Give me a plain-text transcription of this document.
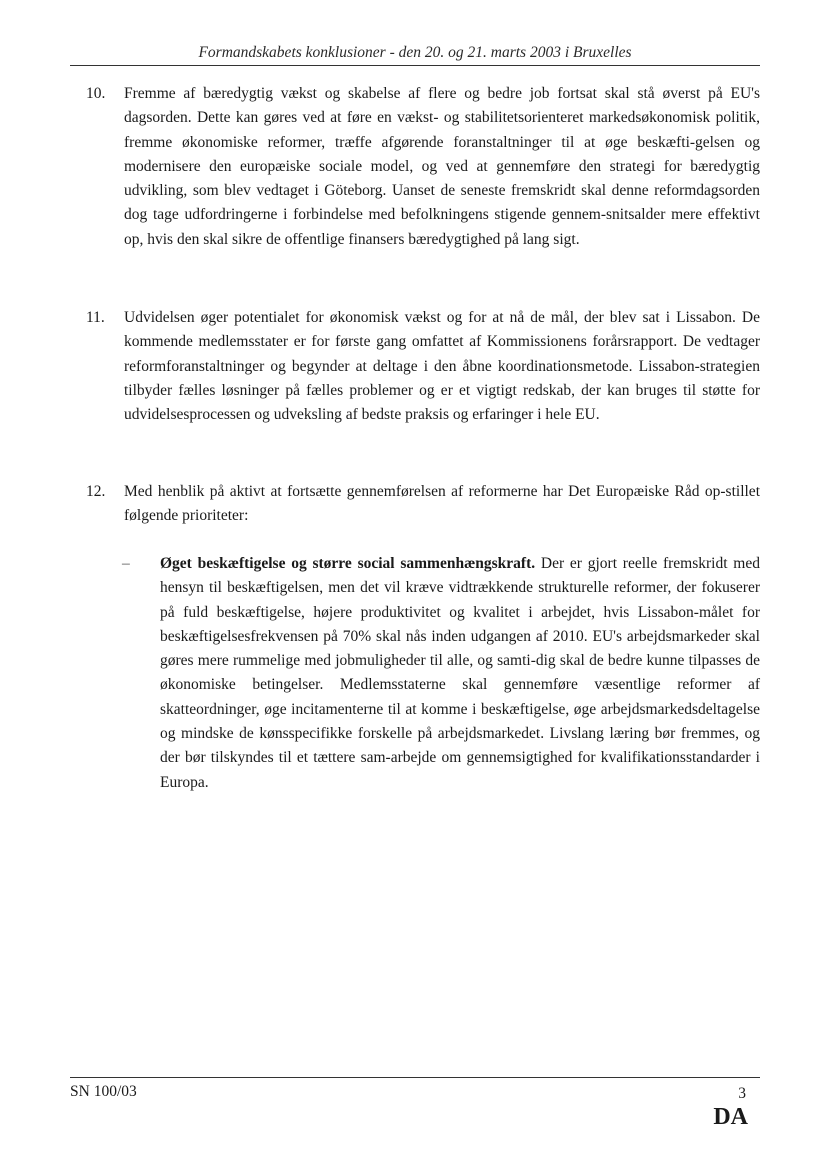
Formandskabets konklusioner - den 20. og 21. marts 2003 i Bruxelles
10. Fremme af bæredygtig vækst og skabelse af flere og bedre job fortsat skal stå øverst på EU's dagsorden. Dette kan gøres ved at føre en vækst- og stabilitetsorienteret markedsøkonomisk politik, fremme økonomiske reformer, træffe afgørende foranstaltninger til at øge beskæfti-gelsen og modernisere den europæiske sociale model, og ved at gennemføre den strategi for bæredygtig udvikling, som blev vedtaget i Göteborg. Uanset de seneste fremskridt skal denne reformdagsorden dog tage udfordringerne i forbindelse med befolkningens stigende gennem-snitsalder mere effektivt op, hvis den skal sikre de offentlige finansers bæredygtighed på lang sigt.
11. Udvidelsen øger potentialet for økonomisk vækst og for at nå de mål, der blev sat i Lissabon. De kommende medlemsstater er for første gang omfattet af Kommissionens forårsrapport. De vedtager reformforanstaltninger og begynder at deltage i den åbne koordinationsmetode. Lissabon-strategien tilbyder fælles løsninger på fælles problemer og er et vigtigt redskab, der kan bruges til støtte for udvidelsesprocessen og udveksling af bedste praksis og erfaringer i hele EU.
12. Med henblik på aktivt at fortsætte gennemførelsen af reformerne har Det Europæiske Råd op-stillet følgende prioriteter:
– Øget beskæftigelse og større social sammenhængskraft. Der er gjort reelle fremskridt med hensyn til beskæftigelsen, men det vil kræve vidtrækkende strukturelle reformer, der fokuserer på fuld beskæftigelse, højere produktivitet og kvalitet i arbejdet, hvis Lissabon-målet for beskæftigelsesfrekvensen på 70% skal nås inden udgangen af 2010. EU's arbejdsmarkeder skal gøres mere rummelige med jobmuligheder til alle, og samti-dig skal de bedre kunne tilpasses de økonomiske betingelser. Medlemsstaterne skal gennemføre væsentlige reformer af skatteordninger, øge incitamenterne til at komme i beskæftigelse, øge arbejdsmarkedsdeltagelse og mindske de kønsspecifikke forskelle på arbejdsmarkedet. Livslang læring bør fremmes, og der bør tilskyndes til et tættere sam-arbejde om gennemsigtighed for kvalifikationsstandarder i Europa.
SN 100/03	3
DA
